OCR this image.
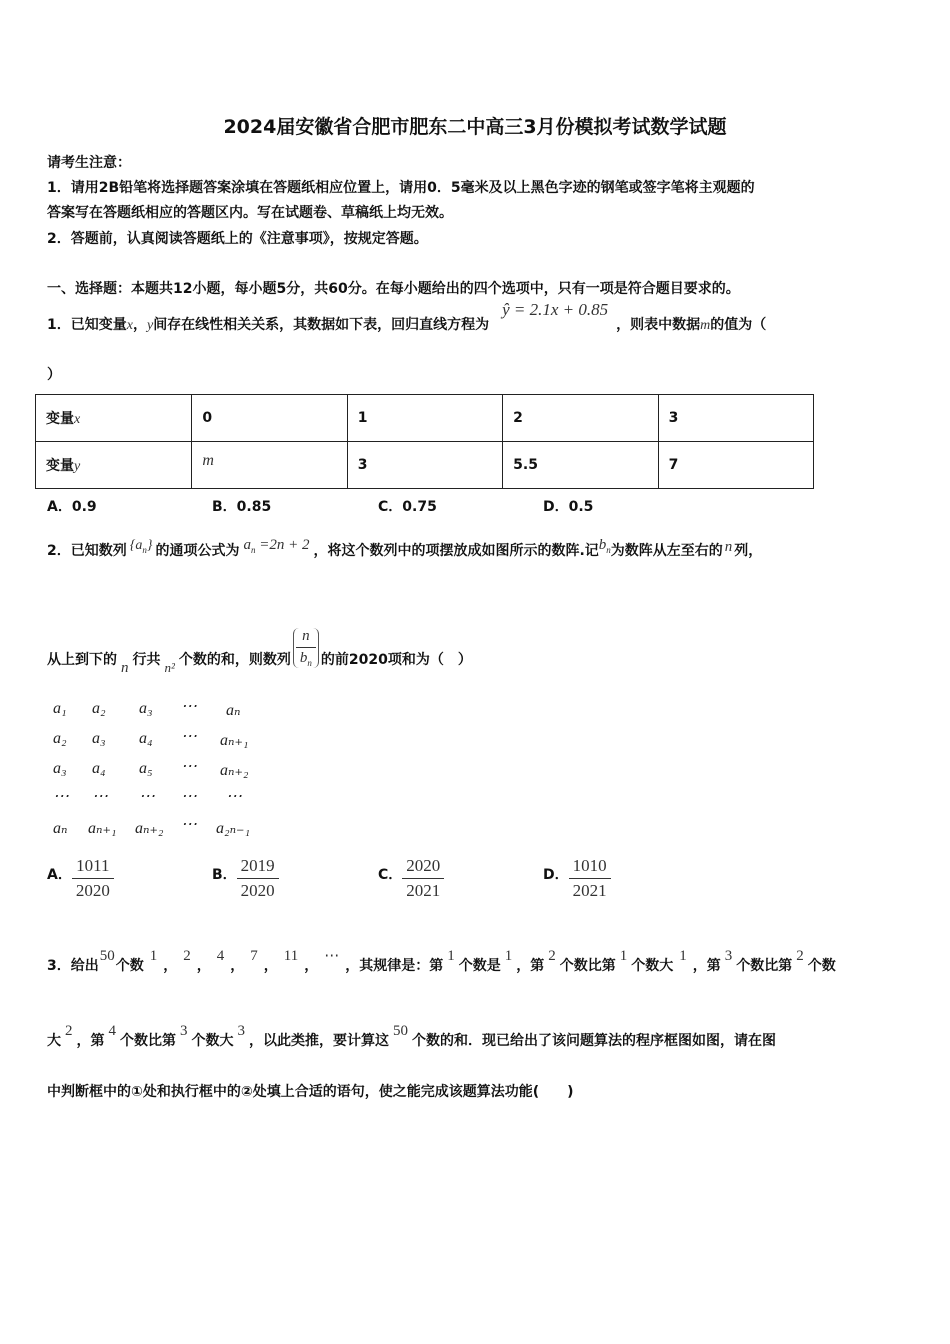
2024届安徽省合肥市肥东二中高三3月份模拟考试数学试题
请考生注意：
1．请用2B铅笔将选择题答案涂填在答题纸相应位置上，请用0．5毫米及以上黑色字迹的钢笔或签字笔将主观题的
答案写在答题纸相应的答题区内。写在试题卷、草稿纸上均无效。
2．答题前，认真阅读答题纸上的《注意事项》，按规定答题。
一、选择题：本题共12小题，每小题5分，共60分。在每小题给出的四个选项中，只有一项是符合题目要求的。
1．已知变量x，y间存在线性相关关系，其数据如下表，回归直线方程为 ŷ = 2.1x + 0.85，则表中数据m的值为（
）
变量x	0	1	2	3
变量y	m	3	5.5	7
A．0.9	B．0.85	C．0.75	D．0.5
2．已知数列 $\{a_n\}$ 的通项公式为 $a_n =2n + 2$ ，将这个数列中的项摆放成如图所示的数阵.记$b_n$为数阵从左至右的 n 列，
从上到下的 n 行共 n² 个数的和，则数列 $\frac{n}{b_n}$ 的前2020项和为（　）
a₁ a₂ a₃ ⋯ aₙ
a₂ a₃ a₄ ⋯ aₙ₊₁
a₃ a₄ a₅ ⋯ aₙ₊₂
⋯ ⋯ ⋯ ⋯ ⋯
aₙ aₙ₊₁ aₙ₊₂ ⋯ a₂ₙ₋₁
A． $\frac{1011}{2020}$	B． $\frac{2019}{2020}$	C． $\frac{2020}{2021}$	D． $\frac{1010}{2021}$
3．给出50个数1，2，4，7，11，⋯，其规律是：第1个数是1，第2个数比第1个数大1，第3个数比第2个数
大2，第4个数比第3个数大3，以此类推，要计算这50个数的和．现已给出了该问题算法的程序框图如图，请在图
中判断框中的①处和执行框中的②处填上合适的语句，使之能完成该题算法功能(　　)
